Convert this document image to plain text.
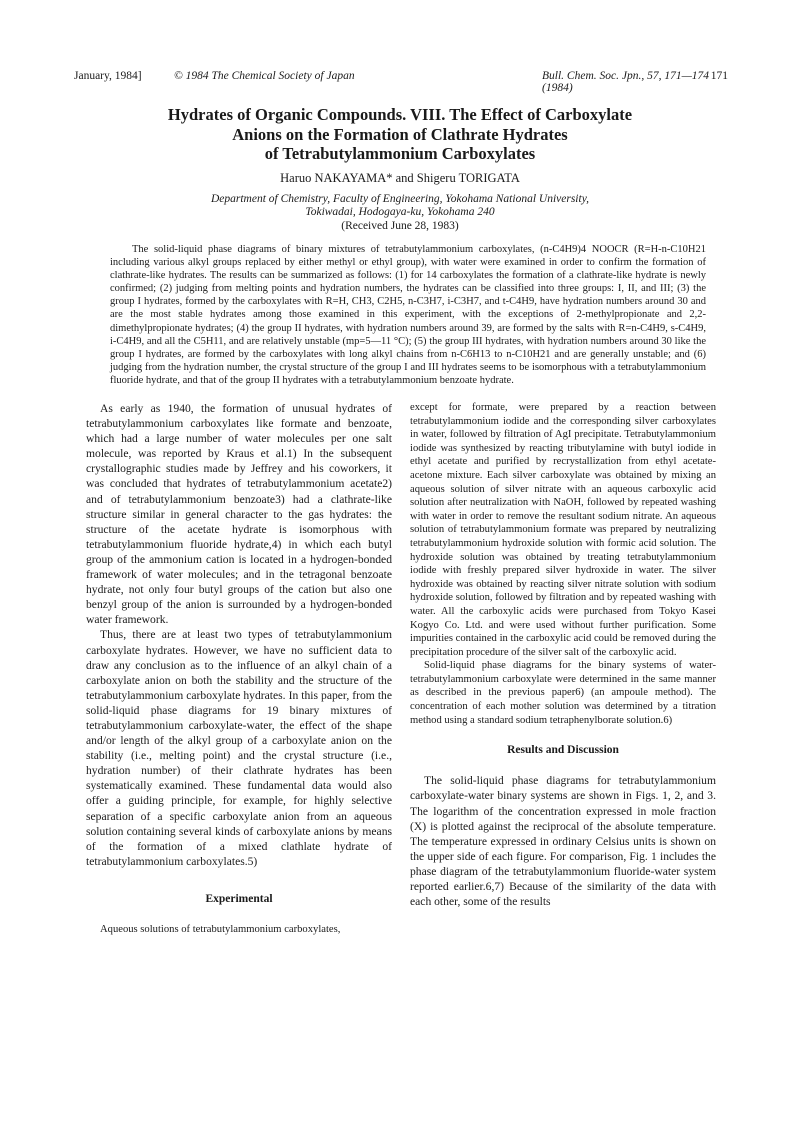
January, 1984]	© 1984 The Chemical Society of Japan	Bull. Chem. Soc. Jpn., 57, 171—174 (1984)
171
Hydrates of Organic Compounds. VIII. The Effect of Carboxylate
Anions on the Formation of Clathrate Hydrates
of Tetrabutylammonium Carboxylates
Haruo NAKAYAMA* and Shigeru TORIGATA
Department of Chemistry, Faculty of Engineering, Yokohama National University,
Tokiwadai, Hodogaya-ku, Yokohama 240
(Received June 28, 1983)

The solid-liquid phase diagrams of binary mixtures of tetrabutylammonium carboxylates, (n-C4H9)4 NOOCR (R=H-n-C10H21 including various alkyl groups replaced by either methyl or ethyl group), with water were examined in order to confirm the formation of clathrate-like hydrates. The results can be summarized as follows: (1) for 14 carboxylates the formation of a clathrate-like hydrate is newly confirmed; (2) judging from melting points and hydration numbers, the hydrates can be classified into three groups: I, II, and III; (3) the group I hydrates, formed by the carboxylates with R=H, CH3, C2H5, n-C3H7, i-C3H7, and t-C4H9, have hydration numbers around 30 and are the most stable hydrates among those examined in this experiment, with the exceptions of 2-methylpropionate and 2,2-dimethylpropionate hydrates; (4) the group II hydrates, with hydration numbers around 39, are formed by the salts with R=n-C4H9, s-C4H9, i-C4H9, and all the C5H11, and are relatively unstable (mp=5—11 °C); (5) the group III hydrates, with hydration numbers around 30 like the group I hydrates, are formed by the carboxylates with long alkyl chains from n-C6H13 to n-C10H21 and are generally unstable; and (6) judging from the hydration number, the crystal structure of the group I and III hydrates seems to be isomorphous with a tetrabutylammonium fluoride hydrate, and that of the group II hydrates with a tetrabutylammonium benzoate hydrate.

As early as 1940, the formation of unusual hydrates of tetrabutylammonium carboxylates like formate and benzoate, which had a large number of water molecules per one salt molecule, was reported by Kraus et al.1) In the subsequent crystallographic studies made by Jeffrey and his coworkers, it was concluded that hydrates of tetrabutylammonium acetate2) and of tetrabutylammonium benzoate3) had a clathrate-like structure similar in general character to the gas hydrates: the structure of the acetate hydrate is isomorphous with tetrabutylammonium fluoride hydrate,4) in which each butyl group of the ammonium cation is located in a hydrogen-bonded framework of water molecules; and in the tetragonal benzoate hydrate, not only four butyl groups of the cation but also one benzyl group of the anion is surrounded by a hydrogen-bonded water framework.

Thus, there are at least two types of tetrabutylammonium carboxylate hydrates. However, we have no sufficient data to draw any conclusion as to the influence of an alkyl chain of a carboxylate anion on both the stability and the structure of the tetrabutylammonium carboxylate hydrates. In this paper, from the solid-liquid phase diagrams for 19 binary mixtures of tetrabutylammonium carboxylate-water, the effect of the shape and/or length of the alkyl group of a carboxylate anion on the stability (i.e., melting point) and the crystal structure (i.e., hydration number) of their clathrate hydrates has been systematically examined. These fundamental data would also offer a guiding principle, for example, for highly selective separation of a specific carboxylate anion from an aqueous solution containing several kinds of carboxylate anions by means of the formation of a mixed clathlate hydrate of tetrabutylammonium carboxylates.5)

Experimental

Aqueous solutions of tetrabutylammonium carboxylates,

except for formate, were prepared by a reaction between tetrabutylammonium iodide and the corresponding silver carboxylates in water, followed by filtration of AgI precipitate. Tetrabutylammonium iodide was synthesized by reacting tributylamine with butyl iodide in ethyl acetate and purified by recrystallization from ethyl acetate-acetone mixture. Each silver carboxylate was obtained by mixing an aqueous solution of silver nitrate with an aqueous carboxylic acid solution after neutralization with NaOH, followed by repeated washing with water in order to remove the resultant sodium nitrate. An aqueous solution of tetrabutylammonium formate was prepared by neutralizing tetrabutylammonium hydroxide solution with formic acid solution. The hydroxide solution was obtained by treating tetrabutylammonium iodide with freshly prepared silver hydroxide in water. The silver hydroxide was obtained by reacting silver nitrate solution with sodium hydroxide solution, followed by filtration and by repeated washing with water. All the carboxylic acids were purchased from Tokyo Kasei Kogyo Co. Ltd. and were used without further purification. Some impurities contained in the carboxylic acid could be removed during the precipitation procedure of the silver salt of the carboxylic acid.

Solid-liquid phase diagrams for the binary systems of water-tetrabutylammonium carboxylate were determined in the same manner as described in the previous paper6) (an ampoule method). The concentration of each mother solution was determined by a titration method using a standard sodium tetraphenylborate solution.6)

Results and Discussion

The solid-liquid phase diagrams for tetrabutylammonium carboxylate-water binary systems are shown in Figs. 1, 2, and 3. The logarithm of the concentration expressed in mole fraction (X) is plotted against the reciprocal of the absolute temperature. The temperature expressed in ordinary Celsius units is shown on the upper side of each figure. For comparison, Fig. 1 includes the phase diagram of the tetrabutylammonium fluoride-water system reported earlier.6,7) Because of the similarity of the data with each other, some of the results
